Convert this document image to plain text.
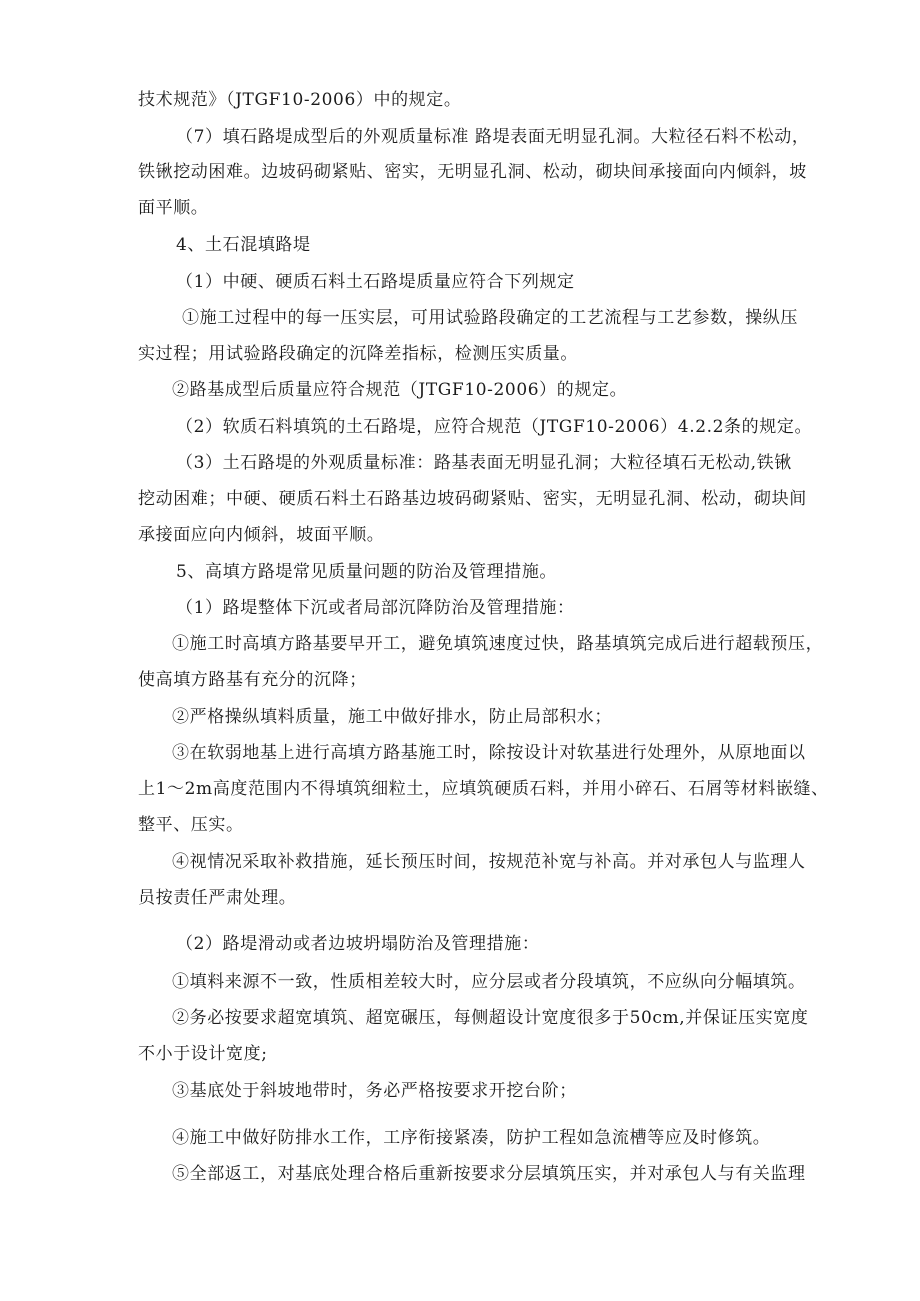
技术规范》（JTGF10-2006）中的规定。
（7）填石路堤成型后的外观质量标准 路堤表面无明显孔洞。大粒径石料不松动，
铁锹挖动困难。边坡码砌紧贴、密实，无明显孔洞、松动，砌块间承接面向内倾斜，坡
面平顺。
4、土石混填路堤
（1）中硬、硬质石料土石路堤质量应符合下列规定
①施工过程中的每一压实层，可用试验路段确定的工艺流程与工艺参数，操纵压
实过程；用试验路段确定的沉降差指标，检测压实质量。
②路基成型后质量应符合规范（JTGF10-2006）的规定。
（2）软质石料填筑的土石路堤，应符合规范（JTGF10-2006）4.2.2条的规定。
（3）土石路堤的外观质量标准：路基表面无明显孔洞；大粒径填石无松动,铁锹
挖动困难；中硬、硬质石料土石路基边坡码砌紧贴、密实，无明显孔洞、松动，砌块间
承接面应向内倾斜，坡面平顺。
5、高填方路堤常见质量问题的防治及管理措施。
（1）路堤整体下沉或者局部沉降防治及管理措施：
①施工时高填方路基要早开工，避免填筑速度过快，路基填筑完成后进行超载预压，
使高填方路基有充分的沉降；
②严格操纵填料质量，施工中做好排水，防止局部积水；
③在软弱地基上进行高填方路基施工时，除按设计对软基进行处理外，从原地面以
上1～2m高度范围内不得填筑细粒土，应填筑硬质石料，并用小碎石、石屑等材料嵌缝、
整平、压实。
④视情况采取补救措施，延长预压时间，按规范补宽与补高。并对承包人与监理人
员按责任严肃处理。
（2）路堤滑动或者边坡坍塌防治及管理措施：
①填料来源不一致，性质相差较大时，应分层或者分段填筑，不应纵向分幅填筑。
②务必按要求超宽填筑、超宽碾压，每侧超设计宽度很多于50cm,并保证压实宽度
不小于设计宽度;
③基底处于斜坡地带时，务必严格按要求开挖台阶；
④施工中做好防排水工作，工序衔接紧凑，防护工程如急流槽等应及时修筑。
⑤全部返工，对基底处理合格后重新按要求分层填筑压实，并对承包人与有关监理
